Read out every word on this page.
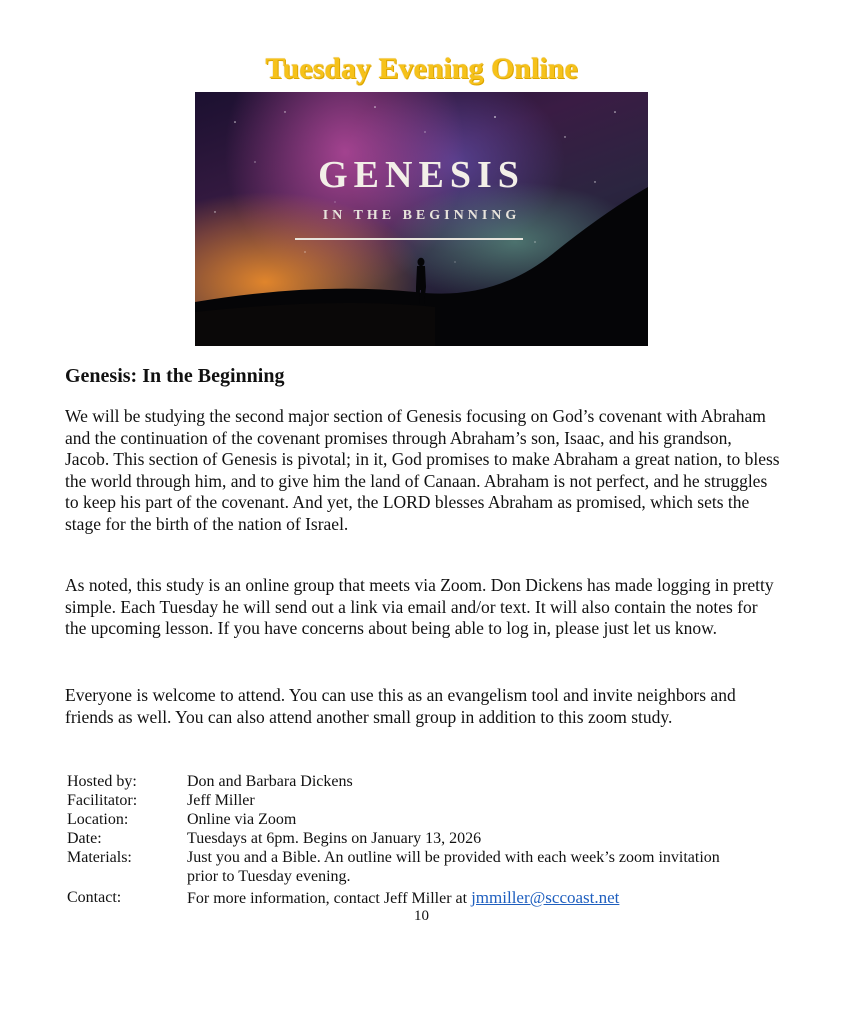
Tuesday Evening Online
GENESIS
IN THE BEGINNING
Genesis: In the Beginning

We will be studying the second major section of Genesis focusing on God’s covenant with Abraham and the continuation of the covenant promises through Abraham’s son, Isaac, and his grandson, Jacob. This section of Genesis is pivotal; in it, God promises to make Abraham a great nation, to bless the world through him, and to give him the land of Canaan. Abraham is not perfect, and he struggles to keep his part of the covenant. And yet, the LORD blesses Abraham as promised, which sets the stage for the birth of the nation of Israel.

As noted, this study is an online group that meets via Zoom. Don Dickens has made logging in pretty simple. Each Tuesday he will send out a link via email and/or text. It will also contain the notes for the upcoming lesson. If you have concerns about being able to log in, please just let us know.

Everyone is welcome to attend. You can use this as an evangelism tool and invite neighbors and friends as well. You can also attend another small group in addition to this zoom study.

Hosted by:	Don and Barbara Dickens
Facilitator:	Jeff Miller
Location:	Online via Zoom
Date:	Tuesdays at 6pm. Begins on January 13, 2026
Materials:	Just you and a Bible. An outline will be provided with each week’s zoom invitation prior to Tuesday evening.
Contact:	For more information, contact Jeff Miller at jmmiller@sccoast.net
10
